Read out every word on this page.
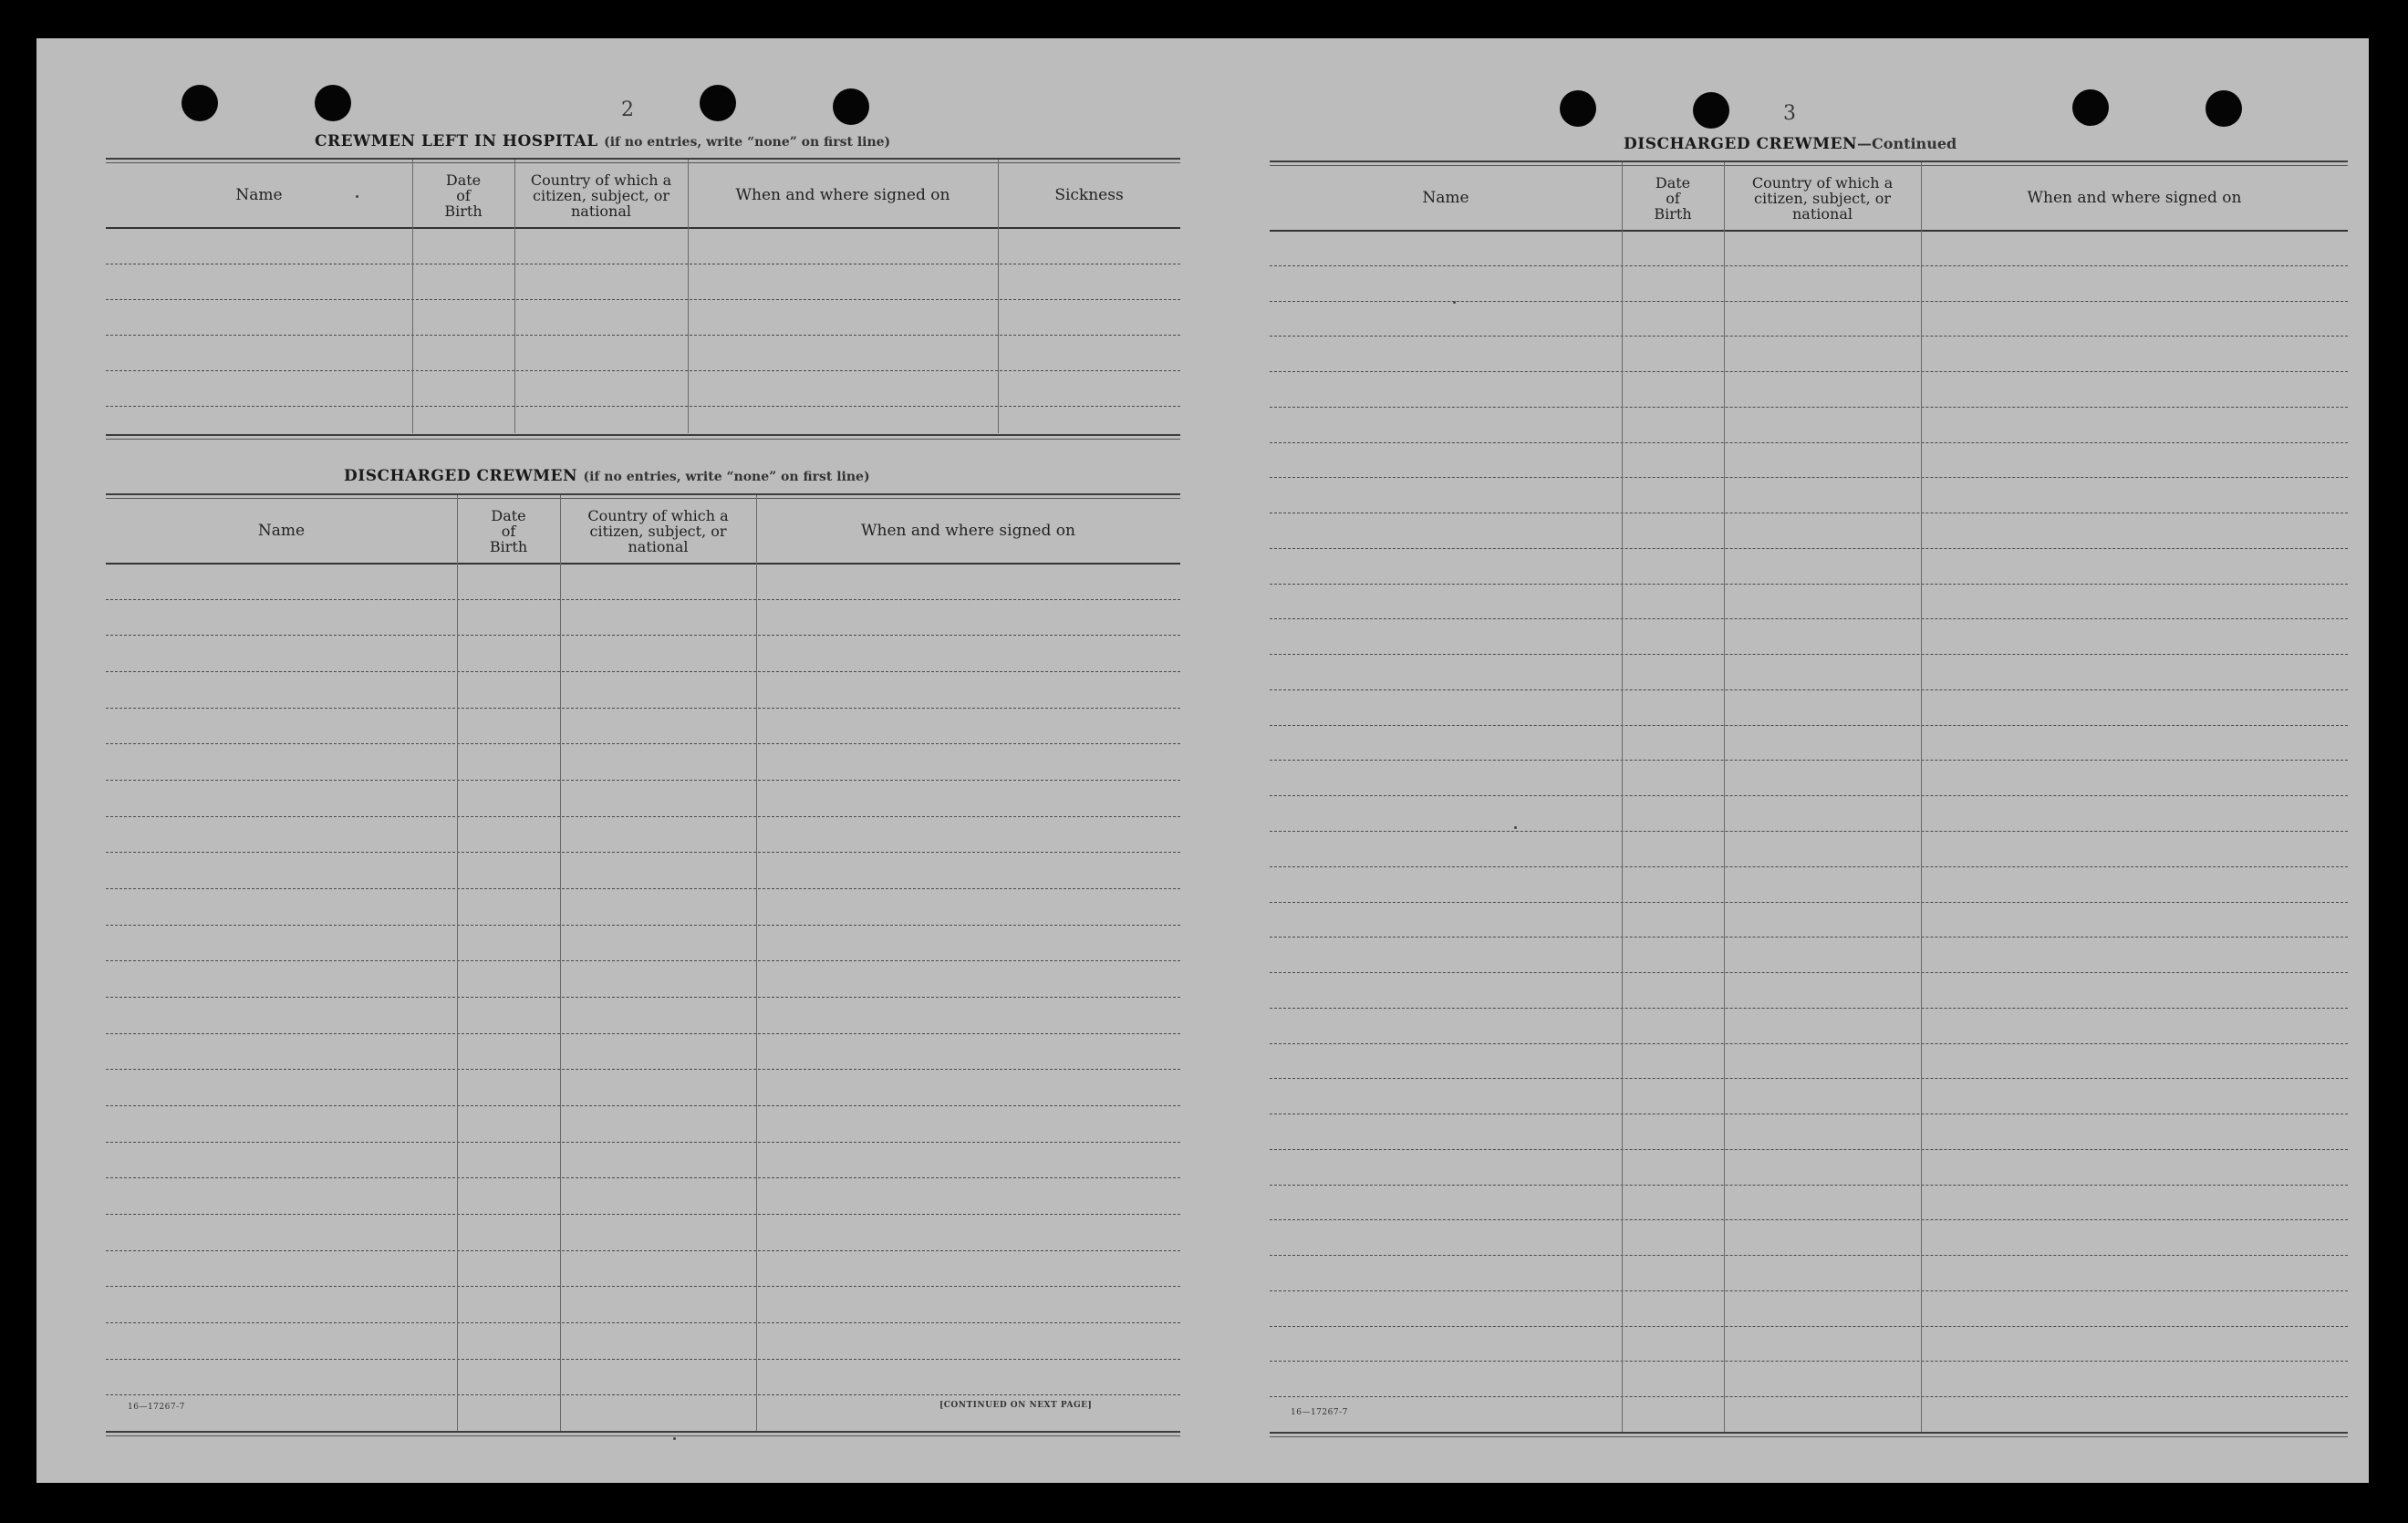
2
CREWMEN LEFT IN HOSPITAL (if no entries, write “none” on first line)
Name
Date
of
Birth
Country of which a
citizen, subject, or
national
When and where signed on	Sickness
DISCHARGED CREWMEN (if no entries, write “none” on first line)
Name
Date
of
Birth
Country of which a
citizen, subject, or
national
When and where signed on
16—17267-7	[CONTINUED ON NEXT PAGE]
3
DISCHARGED CREWMEN—Continued
Name
Date
of
Birth
Country of which a
citizen, subject, or
national
When and where signed on
16—17267-7
